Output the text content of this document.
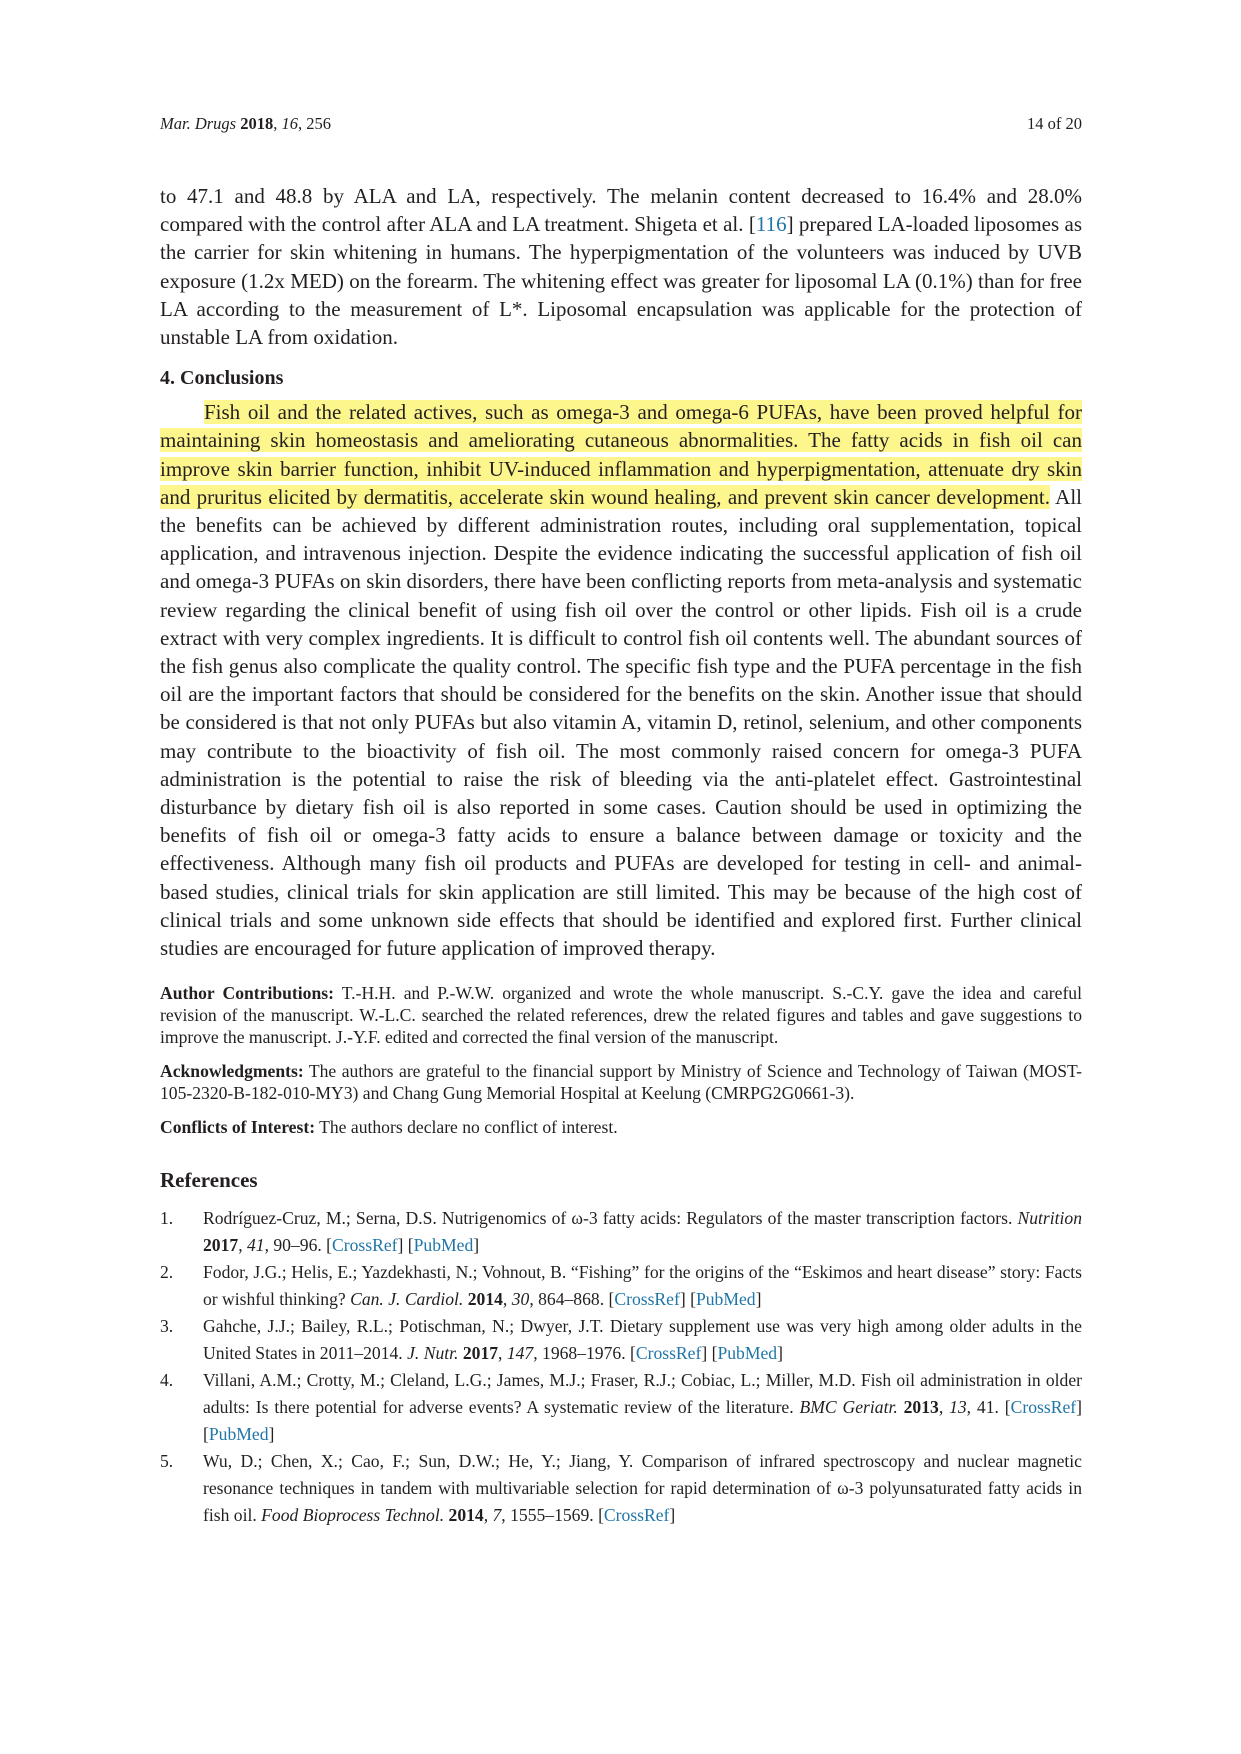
Mar. Drugs 2018, 16, 256	14 of 20

to 47.1 and 48.8 by ALA and LA, respectively. The melanin content decreased to 16.4% and 28.0% compared with the control after ALA and LA treatment. Shigeta et al. [116] prepared LA-loaded liposomes as the carrier for skin whitening in humans. The hyperpigmentation of the volunteers was induced by UVB exposure (1.2x MED) on the forearm. The whitening effect was greater for liposomal LA (0.1%) than for free LA according to the measurement of L*. Liposomal encapsulation was applicable for the protection of unstable LA from oxidation.

4. Conclusions

Fish oil and the related actives, such as omega-3 and omega-6 PUFAs, have been proved helpful for maintaining skin homeostasis and ameliorating cutaneous abnormalities. The fatty acids in fish oil can improve skin barrier function, inhibit UV-induced inflammation and hyperpigmentation, attenuate dry skin and pruritus elicited by dermatitis, accelerate skin wound healing, and prevent skin cancer development. All the benefits can be achieved by different administration routes, including oral supplementation, topical application, and intravenous injection. Despite the evidence indicating the successful application of fish oil and omega-3 PUFAs on skin disorders, there have been conflicting reports from meta-analysis and systematic review regarding the clinical benefit of using fish oil over the control or other lipids. Fish oil is a crude extract with very complex ingredients. It is difficult to control fish oil contents well. The abundant sources of the fish genus also complicate the quality control. The specific fish type and the PUFA percentage in the fish oil are the important factors that should be considered for the benefits on the skin. Another issue that should be considered is that not only PUFAs but also vitamin A, vitamin D, retinol, selenium, and other components may contribute to the bioactivity of fish oil. The most commonly raised concern for omega-3 PUFA administration is the potential to raise the risk of bleeding via the anti-platelet effect. Gastrointestinal disturbance by dietary fish oil is also reported in some cases. Caution should be used in optimizing the benefits of fish oil or omega-3 fatty acids to ensure a balance between damage or toxicity and the effectiveness. Although many fish oil products and PUFAs are developed for testing in cell- and animal-based studies, clinical trials for skin application are still limited. This may be because of the high cost of clinical trials and some unknown side effects that should be identified and explored first. Further clinical studies are encouraged for future application of improved therapy.

Author Contributions: T.-H.H. and P.-W.W. organized and wrote the whole manuscript. S.-C.Y. gave the idea and careful revision of the manuscript. W.-L.C. searched the related references, drew the related figures and tables and gave suggestions to improve the manuscript. J.-Y.F. edited and corrected the final version of the manuscript.

Acknowledgments: The authors are grateful to the financial support by Ministry of Science and Technology of Taiwan (MOST-105-2320-B-182-010-MY3) and Chang Gung Memorial Hospital at Keelung (CMRPG2G0661-3).

Conflicts of Interest: The authors declare no conflict of interest.

References
1. Rodríguez-Cruz, M.; Serna, D.S. Nutrigenomics of ω-3 fatty acids: Regulators of the master transcription factors. Nutrition 2017, 41, 90–96. [CrossRef] [PubMed]
2. Fodor, J.G.; Helis, E.; Yazdekhasti, N.; Vohnout, B. “Fishing” for the origins of the “Eskimos and heart disease” story: Facts or wishful thinking? Can. J. Cardiol. 2014, 30, 864–868. [CrossRef] [PubMed]
3. Gahche, J.J.; Bailey, R.L.; Potischman, N.; Dwyer, J.T. Dietary supplement use was very high among older adults in the United States in 2011–2014. J. Nutr. 2017, 147, 1968–1976. [CrossRef] [PubMed]
4. Villani, A.M.; Crotty, M.; Cleland, L.G.; James, M.J.; Fraser, R.J.; Cobiac, L.; Miller, M.D. Fish oil administration in older adults: Is there potential for adverse events? A systematic review of the literature. BMC Geriatr. 2013, 13, 41. [CrossRef] [PubMed]
5. Wu, D.; Chen, X.; Cao, F.; Sun, D.W.; He, Y.; Jiang, Y. Comparison of infrared spectroscopy and nuclear magnetic resonance techniques in tandem with multivariable selection for rapid determination of ω-3 polyunsaturated fatty acids in fish oil. Food Bioprocess Technol. 2014, 7, 1555–1569. [CrossRef]
